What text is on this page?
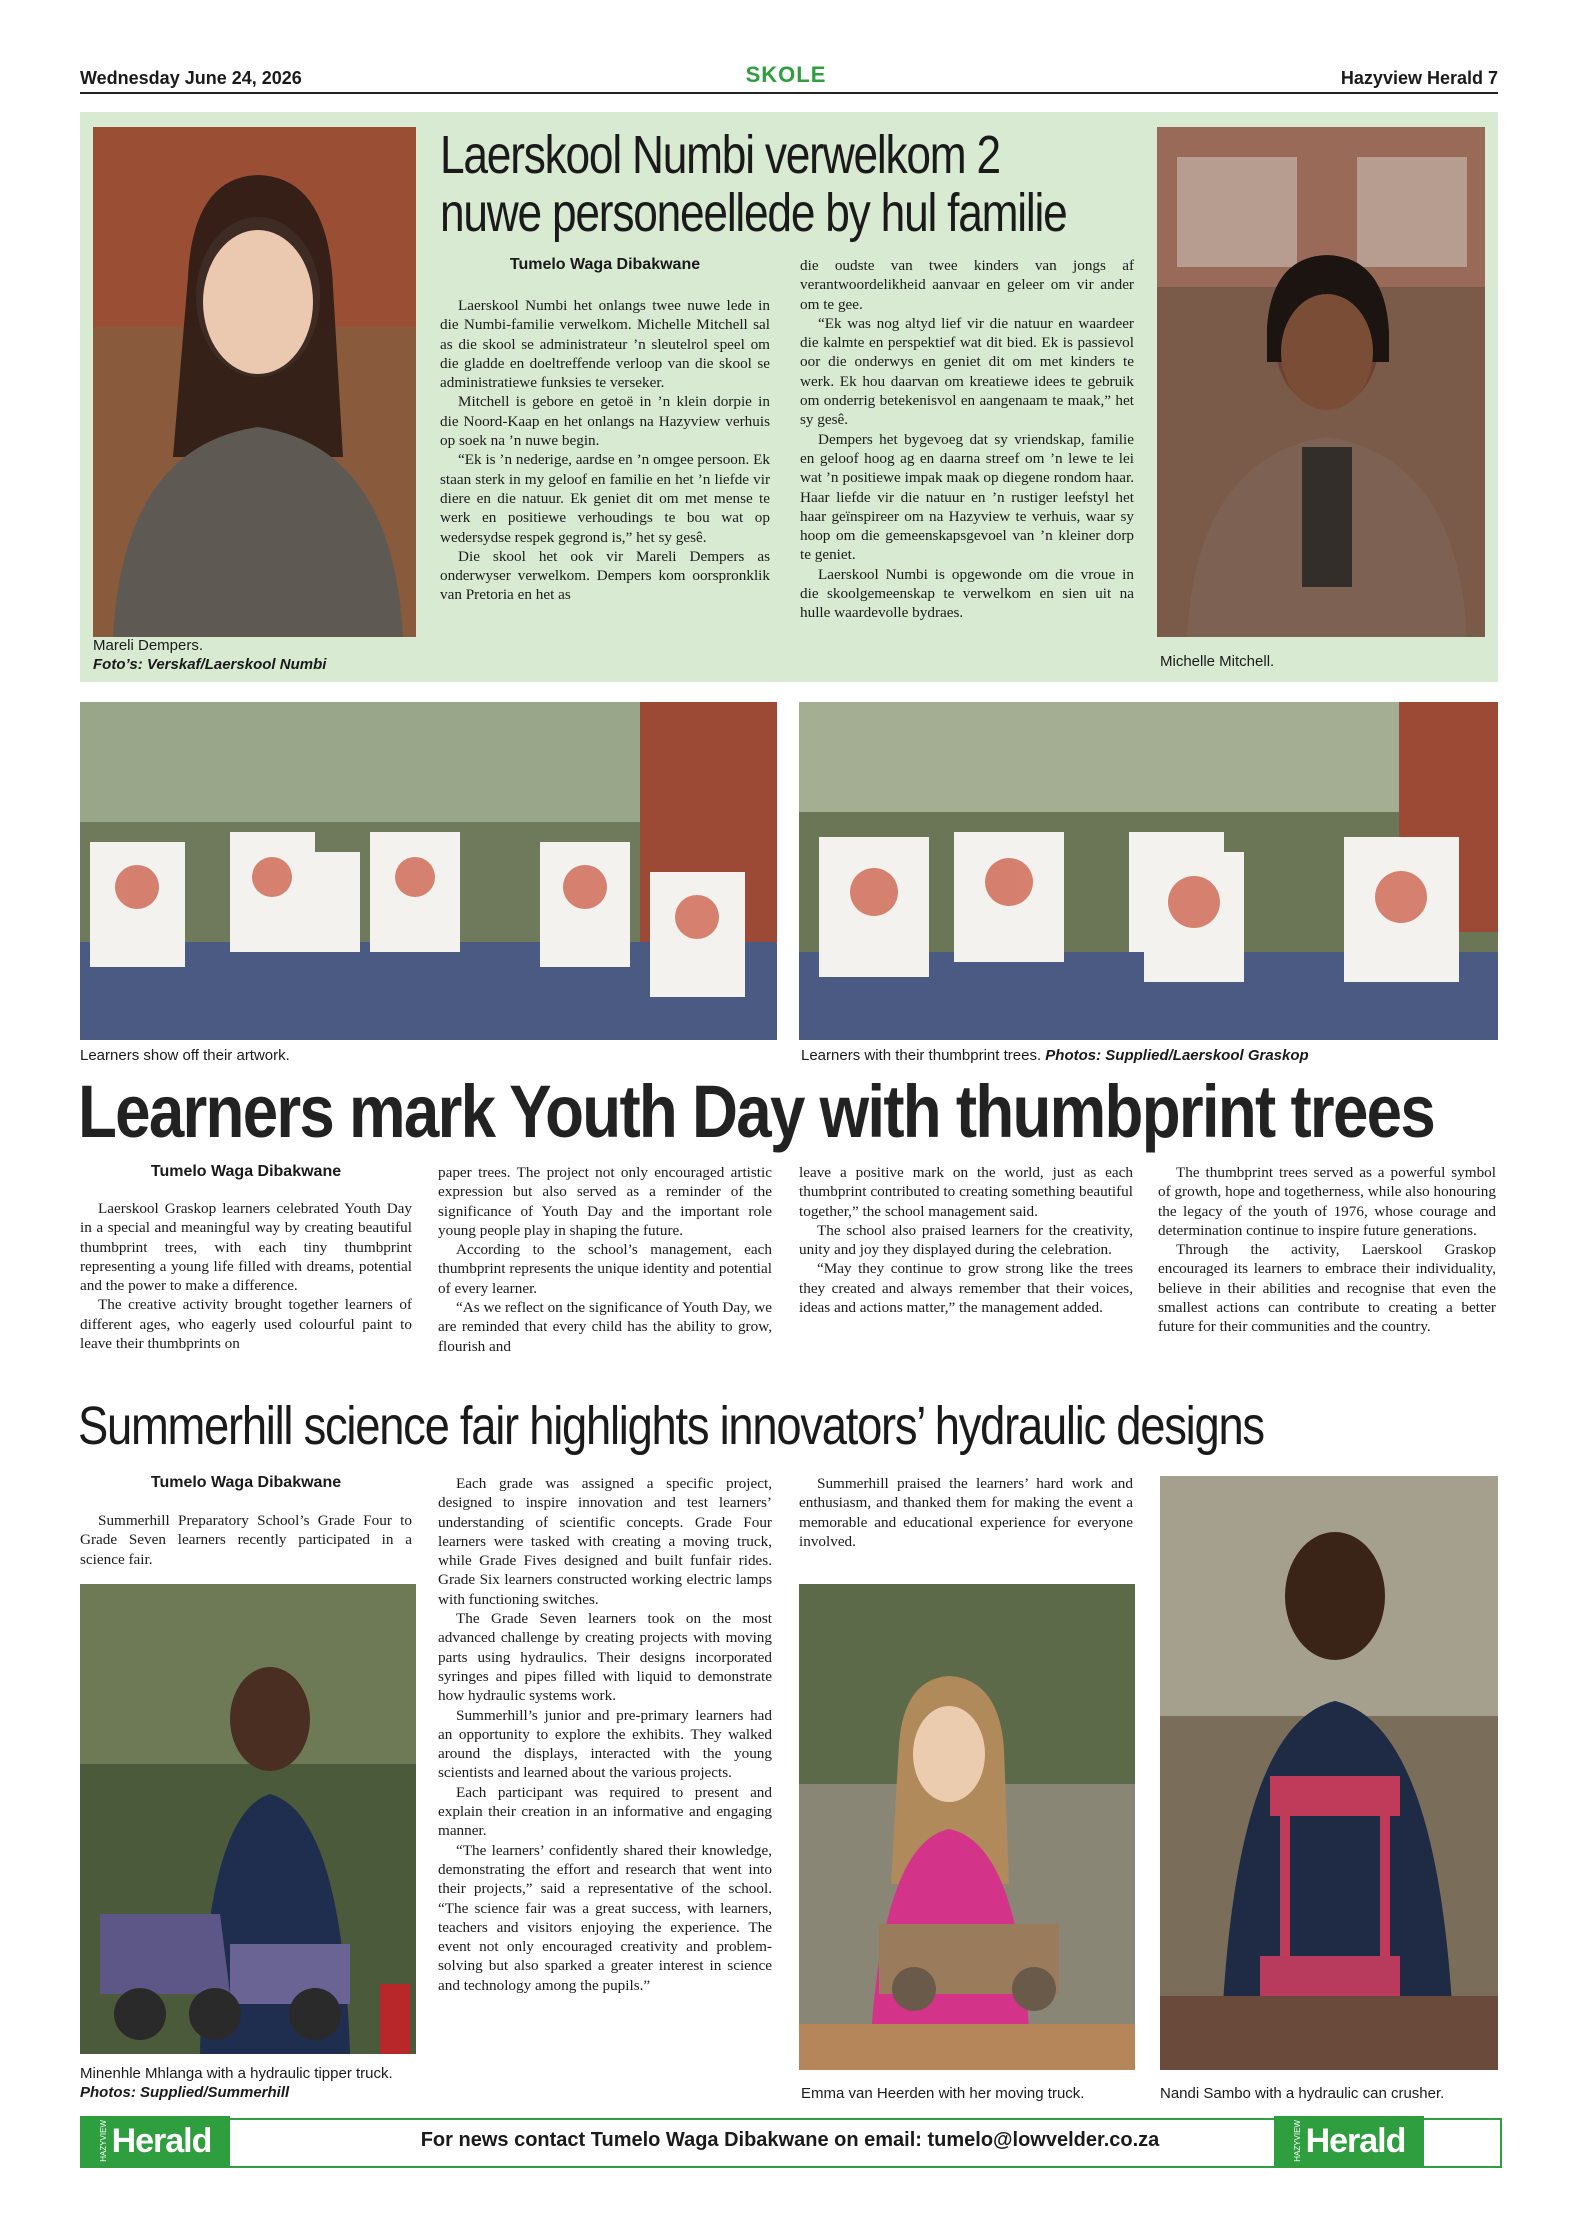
Wednesday June 24, 2026	SKOLE	Hazyview Herald 7
Mareli Dempers.
Foto’s: Verskaf/Laerskool Numbi	Michelle Mitchell.
Laerskool Numbi verwelkom 2
nuwe personeellede by hul familie
Tumelo Waga Dibakwane

Laerskool Numbi het onlangs twee nuwe lede in die Numbi-familie verwelkom. Michelle Mitchell sal as die skool se administrateur ’n sleutelrol speel om die gladde en doeltreffende verloop van die skool se administratiewe funksies te verseker.

Mitchell is gebore en getoë in ’n klein dorpie in die Noord-Kaap en het onlangs na Hazyview verhuis op soek na ’n nuwe begin.

“Ek is ’n nederige, aardse en ’n omgee persoon. Ek staan sterk in my geloof en familie en het ’n liefde vir diere en die natuur. Ek geniet dit om met mense te werk en positiewe verhoudings te bou wat op wedersydse respek gegrond is,” het sy gesê.

Die skool het ook vir Mareli Dempers as onderwyser verwelkom. Dempers kom oorspronklik van Pretoria en het as

die oudste van twee kinders van jongs af verantwoordelikheid aanvaar en geleer om vir ander om te gee.

“Ek was nog altyd lief vir die natuur en waardeer die kalmte en perspektief wat dit bied. Ek is passievol oor die onderwys en geniet dit om met kinders te werk. Ek hou daarvan om kreatiewe idees te gebruik om onderrig betekenisvol en aangenaam te maak,” het sy gesê.

Dempers het bygevoeg dat sy vriendskap, familie en geloof hoog ag en daarna streef om ’n lewe te lei wat ’n positiewe impak maak op diegene rondom haar. Haar liefde vir die natuur en ’n rustiger leefstyl het haar geïnspireer om na Hazyview te verhuis, waar sy hoop om die gemeenskapsgevoel van ’n kleiner dorp te geniet.

Laerskool Numbi is opgewonde om die vroue in die skoolgemeenskap te verwelkom en sien uit na hulle waardevolle bydraes.

Learners show off their artwork.	Learners with their thumbprint trees. Photos: Supplied/Laerskool Graskop
Learners mark Youth Day with thumbprint trees
Tumelo Waga Dibakwane

Laerskool Graskop learners celebrated Youth Day in a special and meaningful way by creating beautiful thumbprint trees, with each tiny thumbprint representing a young life filled with dreams, potential and the power to make a difference.

The creative activity brought together learners of different ages, who eagerly used colourful paint to leave their thumbprints on

paper trees. The project not only encouraged artistic expression but also served as a reminder of the significance of Youth Day and the important role young people play in shaping the future.

According to the school’s management, each thumbprint represents the unique identity and potential of every learner.

“As we reflect on the significance of Youth Day, we are reminded that every child has the ability to grow, flourish and

leave a positive mark on the world, just as each thumbprint contributed to creating something beautiful together,” the school management said.

The school also praised learners for the creativity, unity and joy they displayed during the celebration.

“May they continue to grow strong like the trees they created and always remember that their voices, ideas and actions matter,” the management added.

The thumbprint trees served as a powerful symbol of growth, hope and togetherness, while also honouring the legacy of the youth of 1976, whose courage and determination continue to inspire future generations.

Through the activity, Laerskool Graskop encouraged its learners to embrace their individuality, believe in their abilities and recognise that even the smallest actions can contribute to creating a better future for their communities and the country.

Summerhill science fair highlights innovators’ hydraulic designs
Tumelo Waga Dibakwane

Summerhill Preparatory School’s Grade Four to Grade Seven learners recently participated in a science fair.

Minenhle Mhlanga with a hydraulic tipper truck. Photos: Supplied/Summerhill

Each grade was assigned a specific project, designed to inspire innovation and test learners’ understanding of scientific concepts. Grade Four learners were tasked with creating a moving truck, while Grade Fives designed and built funfair rides. Grade Six learners constructed working electric lamps with functioning switches.

The Grade Seven learners took on the most advanced challenge by creating projects with moving parts using hydraulics. Their designs incorporated syringes and pipes filled with liquid to demonstrate how hydraulic systems work.

Summerhill’s junior and pre-primary learners had an opportunity to explore the exhibits. They walked around the displays, interacted with the young scientists and learned about the various projects.

Each participant was required to present and explain their creation in an informative and engaging manner.

“The learners’ confidently shared their knowledge, demonstrating the effort and research that went into their projects,” said a representative of the school. “The science fair was a great success, with learners, teachers and visitors enjoying the experience. The event not only encouraged creativity and problem-solving but also sparked a greater interest in science and technology among the pupils.”

Summerhill praised the learners’ hard work and enthusiasm, and thanked them for making the event a memorable and educational experience for everyone involved.

Emma van Heerden with her moving truck.	Nandi Sambo with a hydraulic can crusher.
HAZYVIEW Herald	For news contact Tumelo Waga Dibakwane on email: tumelo@lowvelder.co.za	HAZYVIEW Herald
